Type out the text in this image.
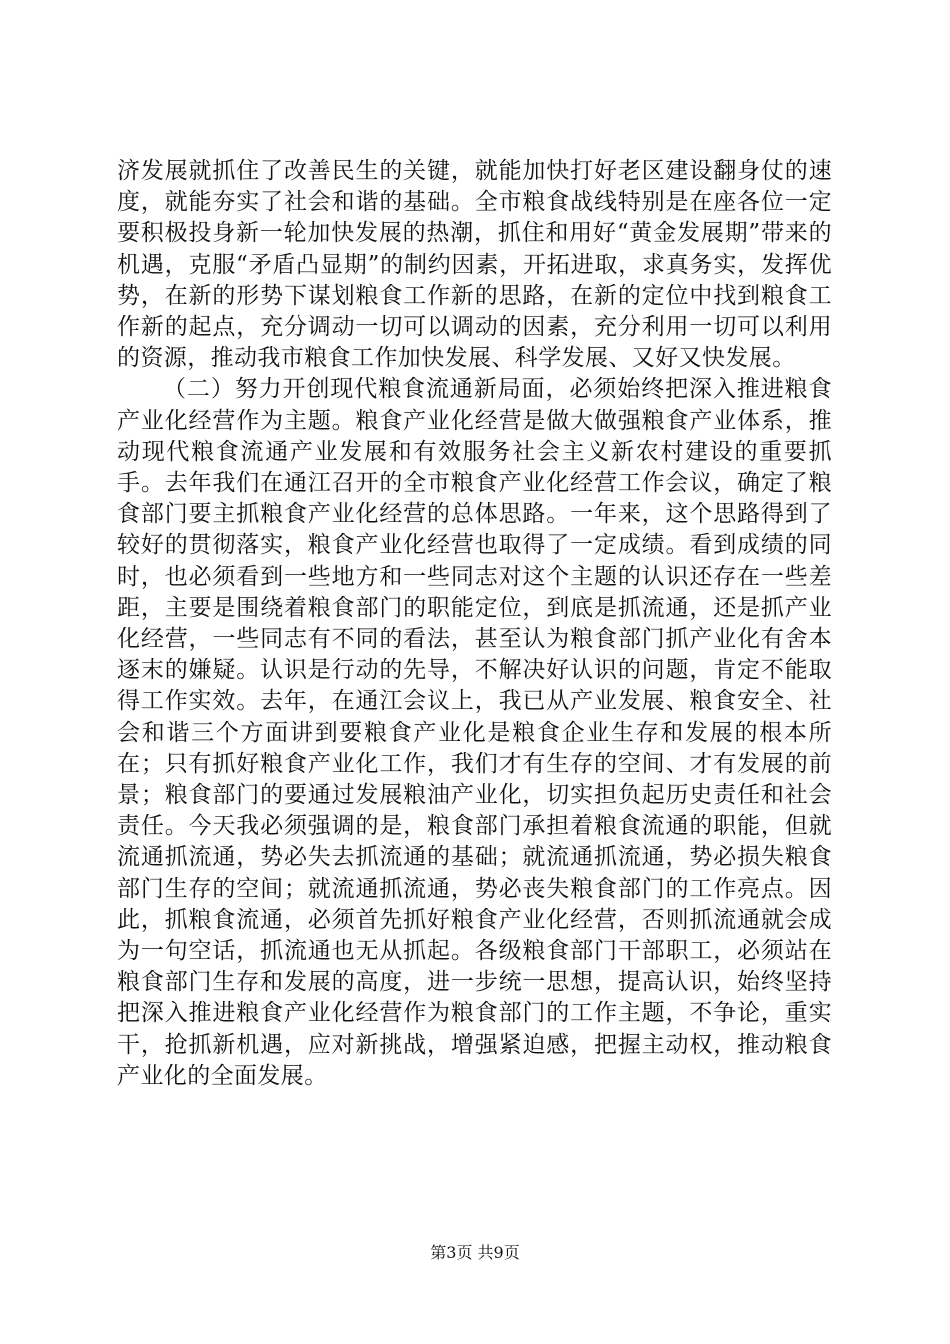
济发展就抓住了改善民生的关键，就能加快打好老区建设翻身仗的速度，就能夯实了社会和谐的基础。全市粮食战线特别是在座各位一定要积极投身新一轮加快发展的热潮，抓住和用好“黄金发展期”带来的机遇，克服“矛盾凸显期”的制约因素，开拓进取，求真务实，发挥优势，在新的形势下谋划粮食工作新的思路，在新的定位中找到粮食工作新的起点，充分调动一切可以调动的因素，充分利用一切可以利用的资源，推动我市粮食工作加快发展、科学发展、又好又快发展。

（二）努力开创现代粮食流通新局面，必须始终把深入推进粮食产业化经营作为主题。粮食产业化经营是做大做强粮食产业体系，推动现代粮食流通产业发展和有效服务社会主义新农村建设的重要抓手。去年我们在通江召开的全市粮食产业化经营工作会议，确定了粮食部门要主抓粮食产业化经营的总体思路。一年来，这个思路得到了较好的贯彻落实，粮食产业化经营也取得了一定成绩。看到成绩的同时，也必须看到一些地方和一些同志对这个主题的认识还存在一些差距，主要是围绕着粮食部门的职能定位，到底是抓流通，还是抓产业化经营，一些同志有不同的看法，甚至认为粮食部门抓产业化有舍本逐末的嫌疑。认识是行动的先导，不解决好认识的问题，肯定不能取得工作实效。去年，在通江会议上，我已从产业发展、粮食安全、社会和谐三个方面讲到要粮食产业化是粮食企业生存和发展的根本所在；只有抓好粮食产业化工作，我们才有生存的空间、才有发展的前景；粮食部门的要通过发展粮油产业化，切实担负起历史责任和社会责任。今天我必须强调的是，粮食部门承担着粮食流通的职能，但就流通抓流通，势必失去抓流通的基础；就流通抓流通，势必损失粮食部门生存的空间；就流通抓流通，势必丧失粮食部门的工作亮点。因此，抓粮食流通，必须首先抓好粮食产业化经营，否则抓流通就会成为一句空话，抓流通也无从抓起。各级粮食部门干部职工，必须站在粮食部门生存和发展的高度，进一步统一思想，提高认识，始终坚持把深入推进粮食产业化经营作为粮食部门的工作主题，不争论，重实干，抢抓新机遇，应对新挑战，增强紧迫感，把握主动权，推动粮食产业化的全面发展。

第3页 共9页
